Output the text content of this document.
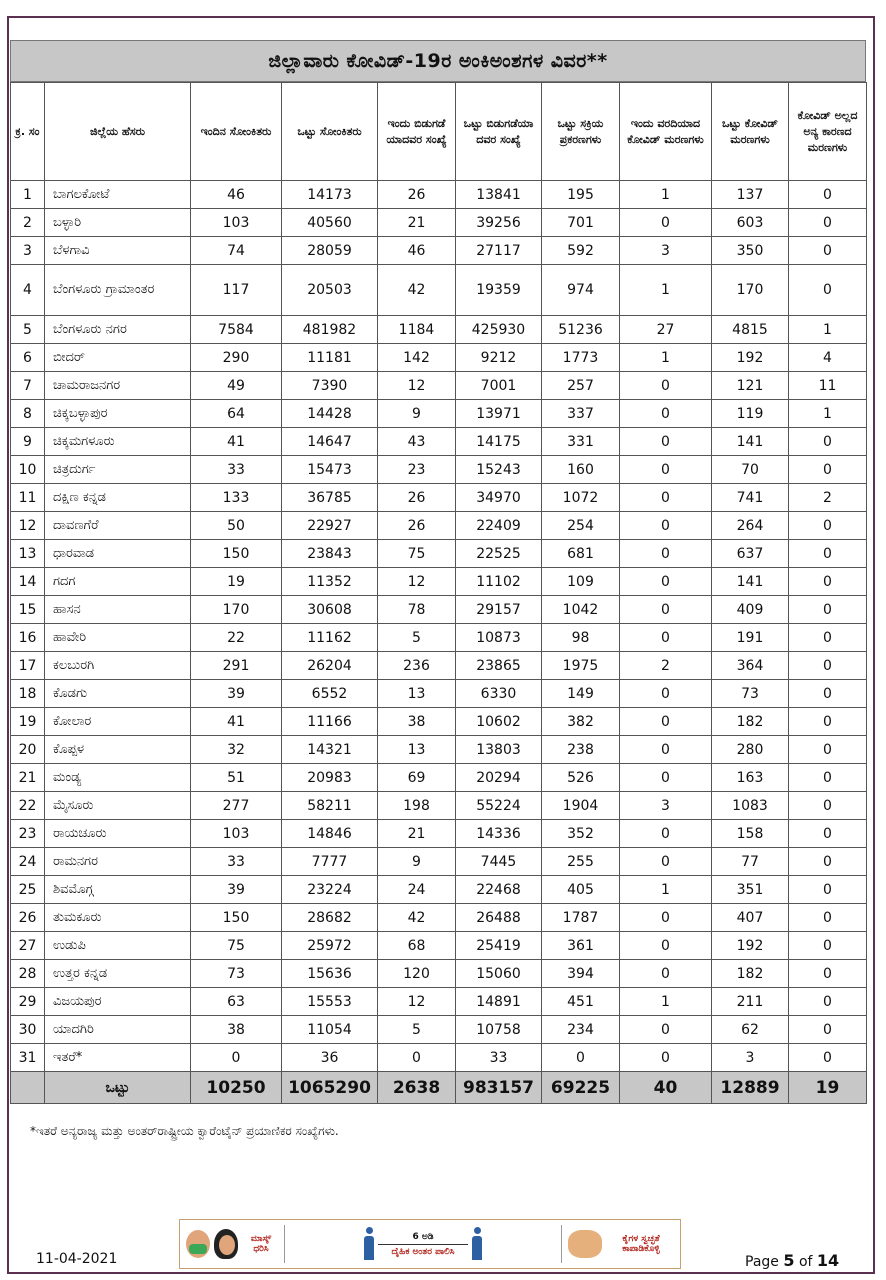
ಜಿಲ್ಲಾವಾರು ಕೋವಿಡ್-19ರ ಅಂಕಿಅಂಶಗಳ ವಿವರ**
ಕ್ರ. ಸಂ	ಜಿಲ್ಲೆಯ ಹೆಸರು	ಇಂದಿನ ಸೋಂಕಿತರು	ಒಟ್ಟು ಸೋಂಕಿತರು	ಇಂದು ಬಿಡುಗಡೆ ಯಾದವರ ಸಂಖ್ಯೆ	ಒಟ್ಟು ಬಿಡುಗಡೆಯಾ ದವರ ಸಂಖ್ಯೆ	ಒಟ್ಟು ಸಕ್ರಿಯ ಪ್ರಕರಣಗಳು	ಇಂದು ವರದಿಯಾದ ಕೋವಿಡ್ ಮರಣಗಳು	ಒಟ್ಟು ಕೋವಿಡ್ ಮರಣಗಳು	ಕೋವಿಡ್ ಅಲ್ಲದ ಅನ್ಯ ಕಾರಣದ ಮರಣಗಳು
1	ಬಾಗಲಕೋಟೆ	46	14173	26	13841	195	1	137	0
2	ಬಳ್ಳಾರಿ	103	40560	21	39256	701	0	603	0
3	ಬೆಳಗಾವಿ	74	28059	46	27117	592	3	350	0
4	ಬೆಂಗಳೂರು ಗ್ರಾಮಾಂತರ	117	20503	42	19359	974	1	170	0
5	ಬೆಂಗಳೂರು ನಗರ	7584	481982	1184	425930	51236	27	4815	1
6	ಬೀದರ್	290	11181	142	9212	1773	1	192	4
7	ಚಾಮರಾಜನಗರ	49	7390	12	7001	257	0	121	11
8	ಚಿಕ್ಕಬಳ್ಳಾಪುರ	64	14428	9	13971	337	0	119	1
9	ಚಿಕ್ಕಮಗಳೂರು	41	14647	43	14175	331	0	141	0
10	ಚಿತ್ರದುರ್ಗ	33	15473	23	15243	160	0	70	0
11	ದಕ್ಷಿಣ ಕನ್ನಡ	133	36785	26	34970	1072	0	741	2
12	ದಾವಣಗೆರೆ	50	22927	26	22409	254	0	264	0
13	ಧಾರವಾಡ	150	23843	75	22525	681	0	637	0
14	ಗದಗ	19	11352	12	11102	109	0	141	0
15	ಹಾಸನ	170	30608	78	29157	1042	0	409	0
16	ಹಾವೇರಿ	22	11162	5	10873	98	0	191	0
17	ಕಲಬುರಗಿ	291	26204	236	23865	1975	2	364	0
18	ಕೊಡಗು	39	6552	13	6330	149	0	73	0
19	ಕೋಲಾರ	41	11166	38	10602	382	0	182	0
20	ಕೊಪ್ಪಳ	32	14321	13	13803	238	0	280	0
21	ಮಂಡ್ಯ	51	20983	69	20294	526	0	163	0
22	ಮೈಸೂರು	277	58211	198	55224	1904	3	1083	0
23	ರಾಯಚೂರು	103	14846	21	14336	352	0	158	0
24	ರಾಮನಗರ	33	7777	9	7445	255	0	77	0
25	ಶಿವಮೊಗ್ಗ	39	23224	24	22468	405	1	351	0
26	ತುಮಕೂರು	150	28682	42	26488	1787	0	407	0
27	ಉಡುಪಿ	75	25972	68	25419	361	0	192	0
28	ಉತ್ತರ ಕನ್ನಡ	73	15636	120	15060	394	0	182	0
29	ವಿಜಯಪುರ	63	15553	12	14891	451	1	211	0
30	ಯಾದಗಿರಿ	38	11054	5	10758	234	0	62	0
31	ಇತರೆ*	0	36	0	33	0	0	3	0
	ಒಟ್ಟು	10250	1065290	2638	983157	69225	40	12889	19
*ಇತರೆ ಅನ್ಯರಾಜ್ಯ ಮತ್ತು ಅಂತರ್‌ರಾಷ್ಟ್ರೀಯ ಕ್ವಾರೆಂಟೈನ್ ಪ್ರಯಾಣಿಕರ ಸಂಖ್ಯೆಗಳು.
ಮಾಸ್ಕ್ ಧರಿಸಿ
6 ಅಡಿ
ದೈಹಿಕ ಅಂತರ ಪಾಲಿಸಿ
ಕೈಗಳ ಸ್ವಚ್ಛತೆ ಕಾಪಾಡಿಕೊಳ್ಳಿ
11-04-2021	Page 5 of 14
